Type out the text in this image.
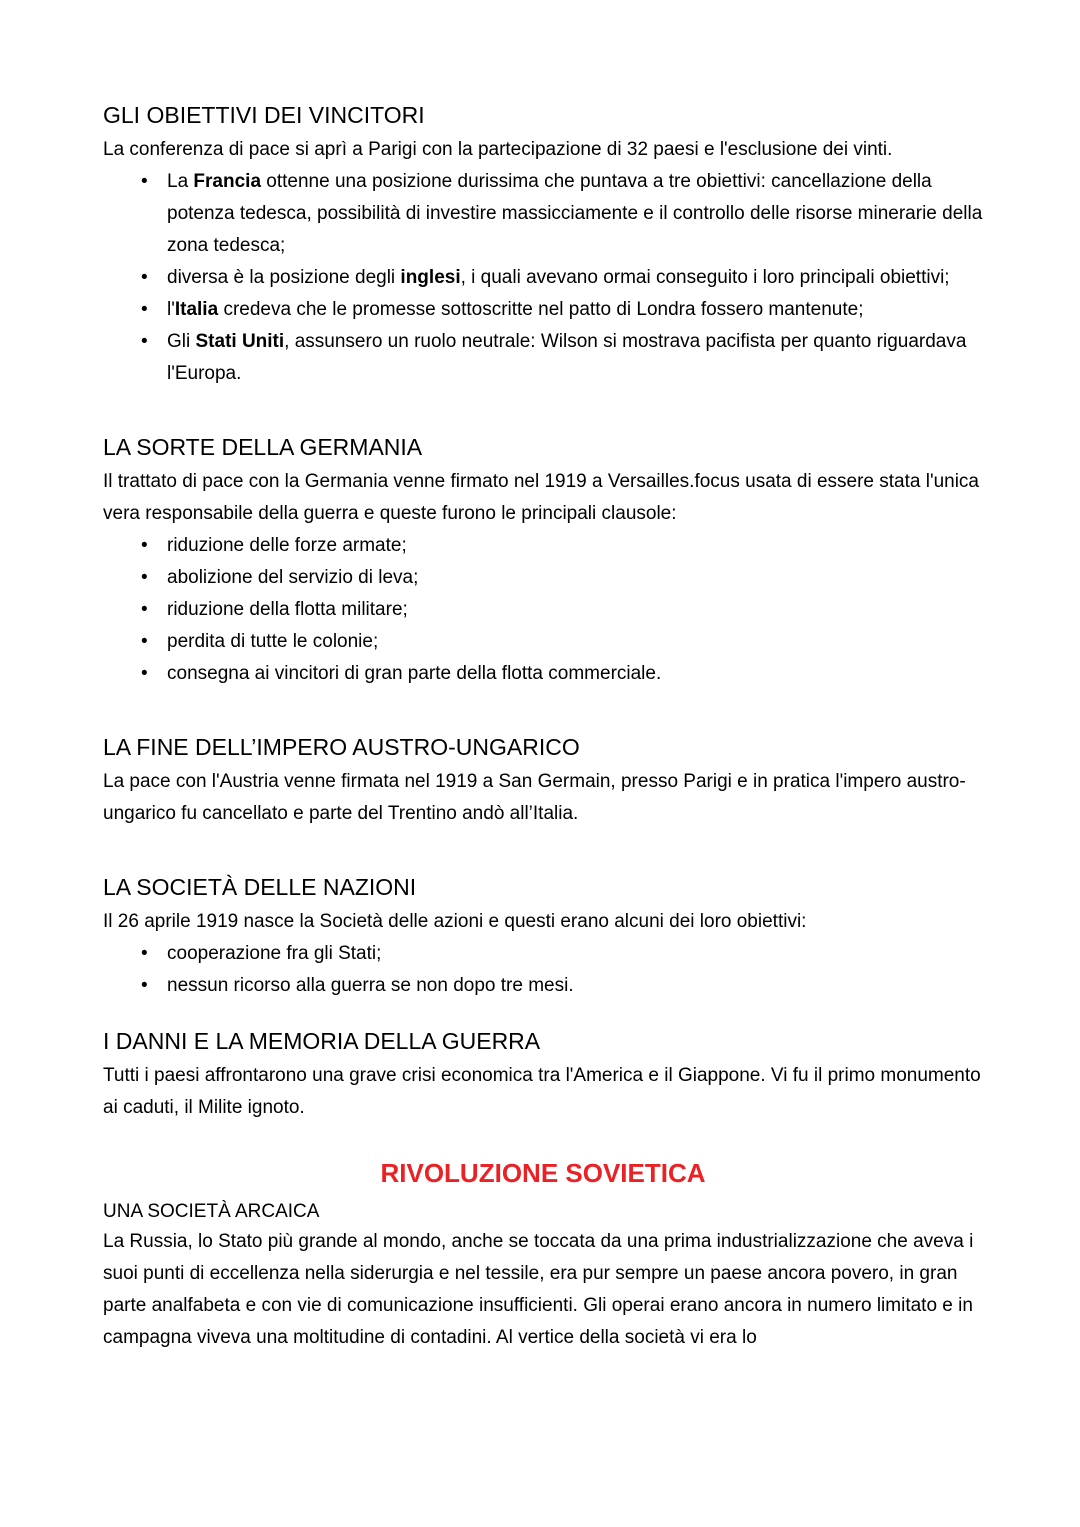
GLI OBIETTIVI DEI VINCITORI
La conferenza di pace si aprì a Parigi con la partecipazione di 32 paesi e l'esclusione dei vinti.
• La Francia ottenne una posizione durissima che puntava a tre obiettivi: cancellazione della potenza tedesca, possibilità di investire massicciamente e il controllo delle risorse minerarie della zona tedesca;
• diversa è la posizione degli inglesi, i quali avevano ormai conseguito i loro principali obiettivi;
• l'Italia credeva che le promesse sottoscritte nel patto di Londra fossero mantenute;
• Gli Stati Uniti, assunsero un ruolo neutrale: Wilson si mostrava pacifista per quanto riguardava l'Europa.
LA SORTE DELLA GERMANIA
Il trattato di pace con la Germania venne firmato nel 1919 a Versailles.focus usata di essere stata l'unica vera responsabile della guerra e queste furono le principali clausole:
• riduzione delle forze armate;
• abolizione del servizio di leva;
• riduzione della flotta militare;
• perdita di tutte le colonie;
• consegna ai vincitori di gran parte della flotta commerciale.
LA FINE DELL’IMPERO AUSTRO-UNGARICO
La pace con l'Austria venne firmata nel 1919 a San Germain, presso Parigi e in pratica l'impero austro-ungarico fu cancellato e parte del Trentino andò all’Italia.
LA SOCIETÀ DELLE NAZIONI
Il 26 aprile 1919 nasce la Società delle azioni e questi erano alcuni dei loro obiettivi:
• cooperazione fra gli Stati;
• nessun ricorso alla guerra se non dopo tre mesi.
I DANNI E LA MEMORIA DELLA GUERRA
Tutti i paesi affrontarono una grave crisi economica tra l'America e il Giappone. Vi fu il primo monumento ai caduti, il Milite ignoto.
RIVOLUZIONE SOVIETICA
UNA SOCIETÀ ARCAICA
La Russia, lo Stato più grande al mondo, anche se toccata da una prima industrializzazione che aveva i suoi punti di eccellenza nella siderurgia e nel tessile, era pur sempre un paese ancora povero, in gran parte analfabeta e con vie di comunicazione insufficienti. Gli operai erano ancora in numero limitato e in campagna viveva una moltitudine di contadini. Al vertice della società vi era lo
